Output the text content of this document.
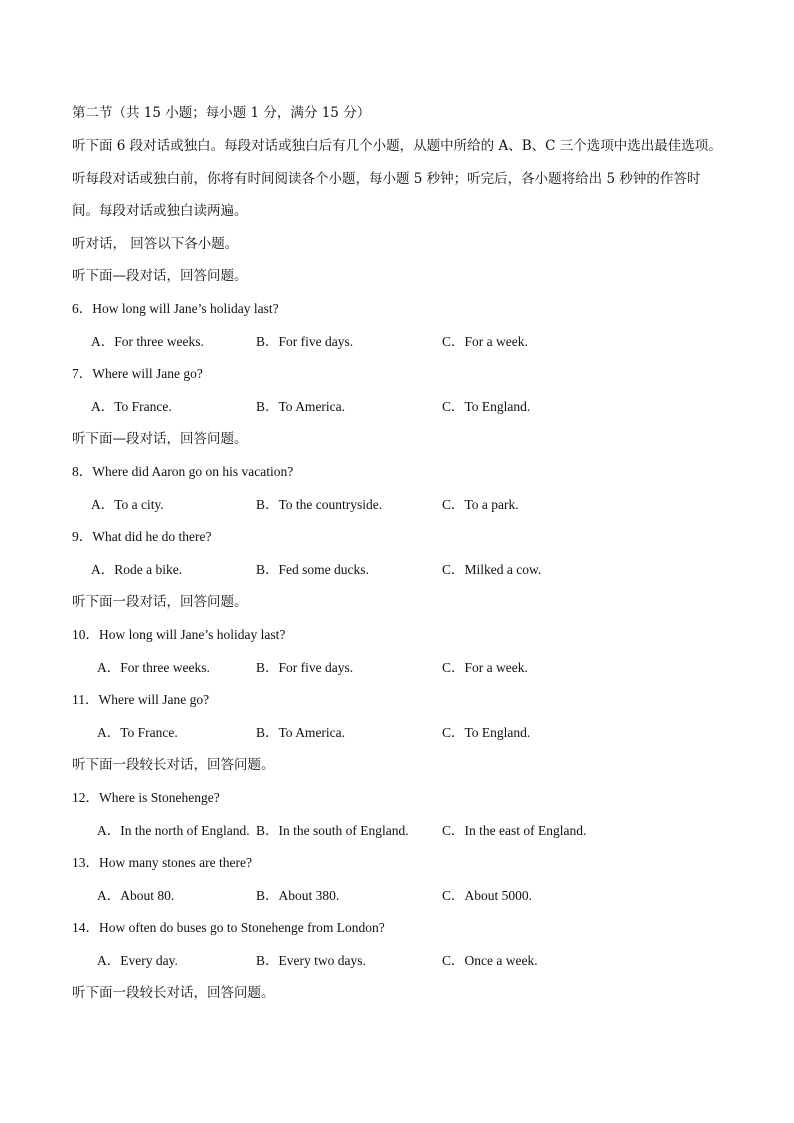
第二节（共 15 小题；每小题 1 分，满分 15 分）
听下面 6 段对话或独白。每段对话或独白后有几个小题，从题中所给的 A、B、C 三个选项中选出最佳选项。
听每段对话或独白前，你将有时间阅读各个小题，每小题 5 秒钟；听完后，各小题将给出 5 秒钟的作答时
间。每段对话或独白读两遍。
听对话， 回答以下各小题。
听下面—段对话，回答问题。
6．How long will Jane’s holiday last?
A．For three weeks.	B．For five days.	C．For a week.
7．Where will Jane go?
A．To France.	B．To America.	C．To England.
听下面—段对话，回答问题。
8．Where did Aaron go on his vacation?
A．To a city.	B．To the countryside.	C．To a park.
9．What did he do there?
A．Rode a bike.	B．Fed some ducks.	C．Milked a cow.
听下面一段对话，回答问题。
10．How long will Jane’s holiday last?
A．For three weeks.	B．For five days.	C．For a week.
11．Where will Jane go?
A．To France.	B．To America.	C．To England.
听下面一段较长对话，回答问题。
12．Where is Stonehenge?
A．In the north of England. B．In the south of England. C．In the east of England.
13．How many stones are there?
A．About 80.	B．About 380.	C．About 5000.
14．How often do buses go to Stonehenge from London?
A．Every day.	B．Every two days.	C．Once a week.
听下面一段较长对话，回答问题。
